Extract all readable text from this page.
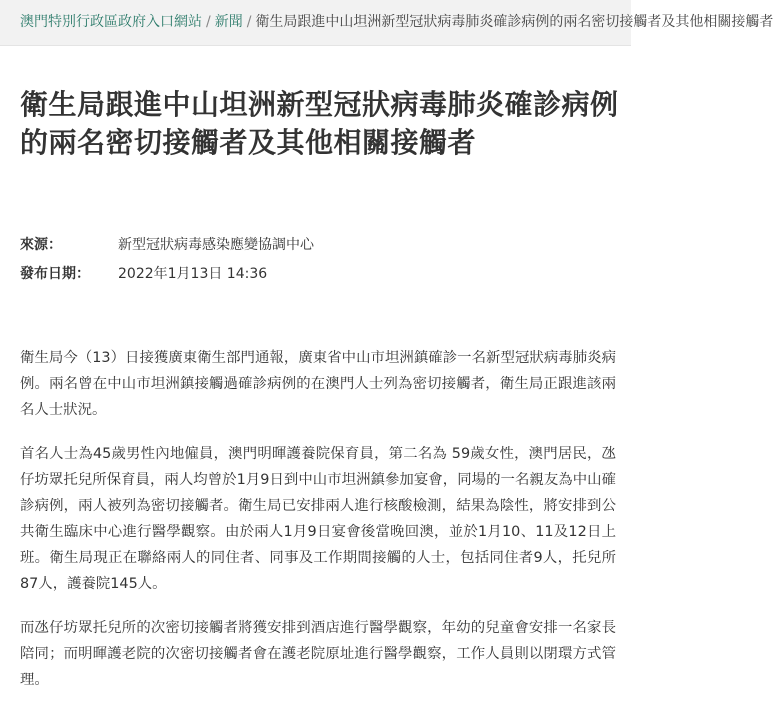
澳門特別行政區政府入口網站 / 新聞 / 衛生局跟進中山坦洲新型冠狀病毒肺炎確診病例的兩名密切接觸者及其他相關接觸者
衛生局跟進中山坦洲新型冠狀病毒肺炎確診病例的兩名密切接觸者及其他相關接觸者
來源：	新型冠狀病毒感染應變協調中心
發布日期：	2022年1月13日 14:36

衛生局今（13）日接獲廣東衛生部門通報，廣東省中山市坦洲鎮確診一名新型冠狀病毒肺炎病例。兩名曾在中山市坦洲鎮接觸過確診病例的在澳門人士列為密切接觸者，衛生局正跟進該兩名人士狀況。

首名人士為45歲男性內地僱員，澳門明暉護養院保育員，第二名為 59歲女性，澳門居民，氹仔坊眾托兒所保育員，兩人均曾於1月9日到中山市坦洲鎮參加宴會，同場的一名親友為中山確診病例，兩人被列為密切接觸者。衛生局已安排兩人進行核酸檢測，結果為陰性，將安排到公共衛生臨床中心進行醫學觀察。由於兩人1月9日宴會後當晚回澳，並於1月10、11及12日上班。衛生局現正在聯絡兩人的同住者、同事及工作期間接觸的人士，包括同住者9人，托兒所87人，護養院145人。

而氹仔坊眾托兒所的次密切接觸者將獲安排到酒店進行醫學觀察，年幼的兒童會安排一名家長陪同；而明暉護老院的次密切接觸者會在護老院原址進行醫學觀察，工作人員則以閉環方式管理。
